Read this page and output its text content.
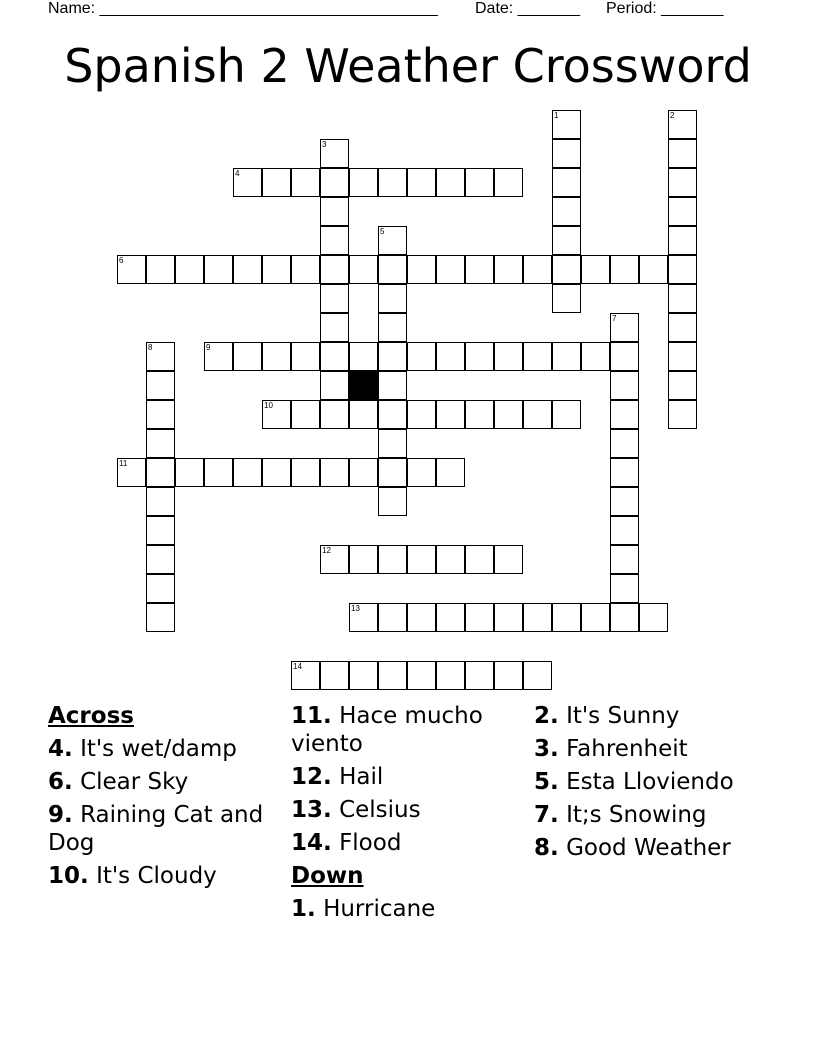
Name: ______________________________________ Date: _______ Period: _______
Spanish 2 Weather Crossword
4
6
9
10
11
12
13
14
1	2
3
5
7
8
Across
4. It's wet/damp
6. Clear Sky
9. Raining Cat and Dog
10. It's Cloudy
11. Hace mucho viento
12. Hail
13. Celsius
14. Flood
Down
1. Hurricane
2. It's Sunny
3. Fahrenheit
5. Esta Lloviendo
7. It;s Snowing
8. Good Weather
